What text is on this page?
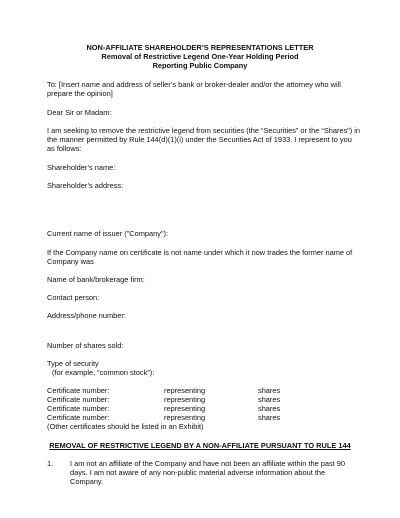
NON-AFFILIATE SHAREHOLDER’S REPRESENTATIONS LETTER
Removal of Restrictive Legend One-Year Holding Period
Reporting Public Company
To: [Insert name and address of seller’s bank or broker-dealer and/or the attorney who will
prepare the opinion]
Dear Sir or Madam:
I am seeking to remove the restrictive legend from securities (the “Securities” or the “Shares”) in
the manner permitted by Rule 144(d)(1)(i) under the Securities Act of 1933. I represent to you
as follows:
Shareholder’s name:
Shareholder’s address:
Current name of issuer ("Company"):
If the Company name on certificate is not name under which it now trades the former name of
Company was
Name of bank/brokerage firm:
Contact person:
Address/phone number:
Number of shares sold:
Type of security
(for example, “common stock”):
Certificate number:	representing	shares
Certificate number:	representing	shares
Certificate number:	representing	shares
Certificate number:	representing	shares
(Other certificates should be listed in an Exhibit)
REMOVAL OF RESTRICTIVE LEGEND BY A NON-AFFILIATE PURSUANT TO RULE 144
1. I am not an affiliate of the Company and have not been an affiliate within the past 90
days. I am not aware of any non-public material adverse information about the
Company.
